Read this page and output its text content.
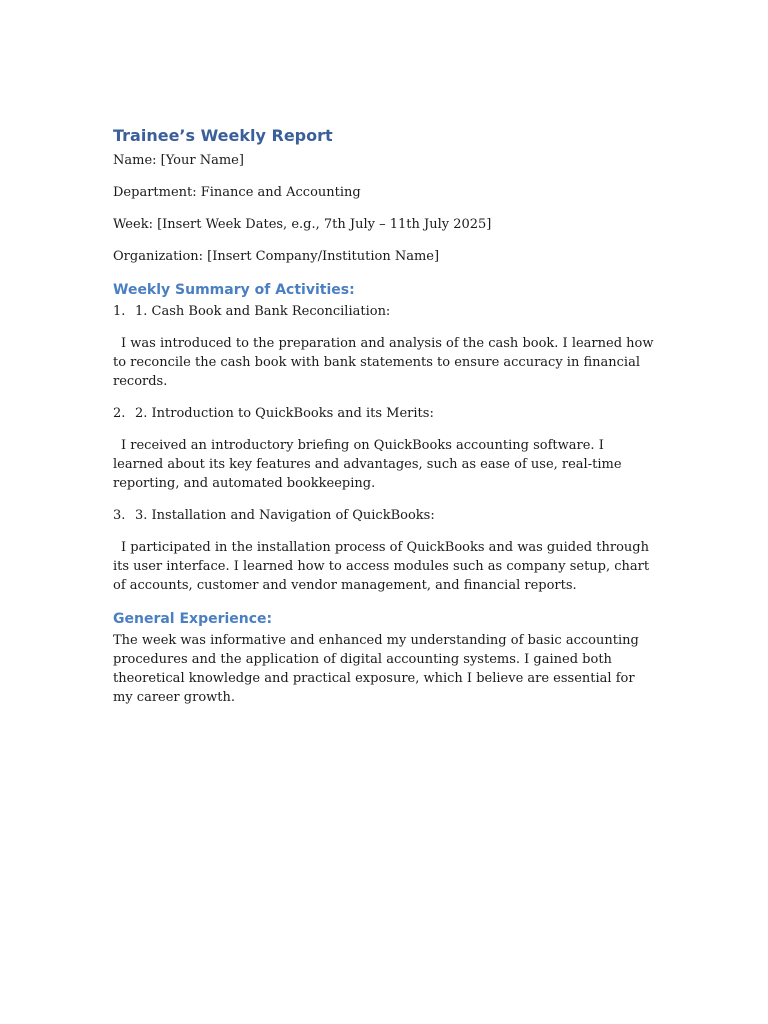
Trainee’s Weekly Report
Name: [Your Name]
Department: Finance and Accounting
Week: [Insert Week Dates, e.g., 7th July – 11th July 2025]
Organization: [Insert Company/Institution Name]
Weekly Summary of Activities:
1. 1. Cash Book and Bank Reconciliation:
I was introduced to the preparation and analysis of the cash book. I learned how to reconcile the cash book with bank statements to ensure accuracy in financial records.
2. 2. Introduction to QuickBooks and its Merits:
I received an introductory briefing on QuickBooks accounting software. I learned about its key features and advantages, such as ease of use, real-time reporting, and automated bookkeeping.
3. 3. Installation and Navigation of QuickBooks:
I participated in the installation process of QuickBooks and was guided through its user interface. I learned how to access modules such as company setup, chart of accounts, customer and vendor management, and financial reports.
General Experience:
The week was informative and enhanced my understanding of basic accounting procedures and the application of digital accounting systems. I gained both theoretical knowledge and practical exposure, which I believe are essential for my career growth.
